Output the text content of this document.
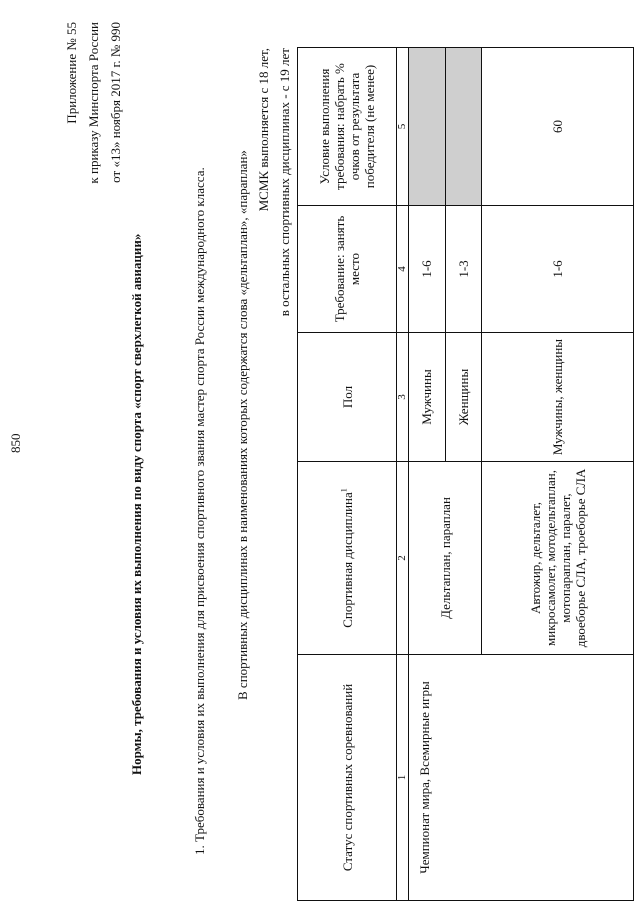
850
Приложение № 55 к приказу Минспорта России от «13» ноября 2017 г. № 990
Нормы, требования и условия их выполнения по виду спорта «спорт сверхлегкой авиации»	1. Требования и условия их выполнения для присвоения спортивного звания мастер спорта России международного класса. В спортивных дисциплинах в наименованиях которых содержатся слова «дельтаплан», «параплан»
МСМК выполняется с 18 лет, в остальных спортивных дисциплинах - с 19 лет
Статус спортивных соревнований	Спортивная дисциплина$^1$	Пол	Требование: занять место	Условие выполнения требования: набрать % очков от результата победителя (не менее)
1	2	3	4	5
Чемпионат мира, Всемирные игры	Дельтаплан, параплан	Мужчины	1-6	
		Женщины	1-3	
	Автожир, дельталет, микросамолет, мотодельтаплан, мотопараплан, паралет, двоеборье СЛА, троеборье СЛА	Мужчины, женщины	1-6	60
